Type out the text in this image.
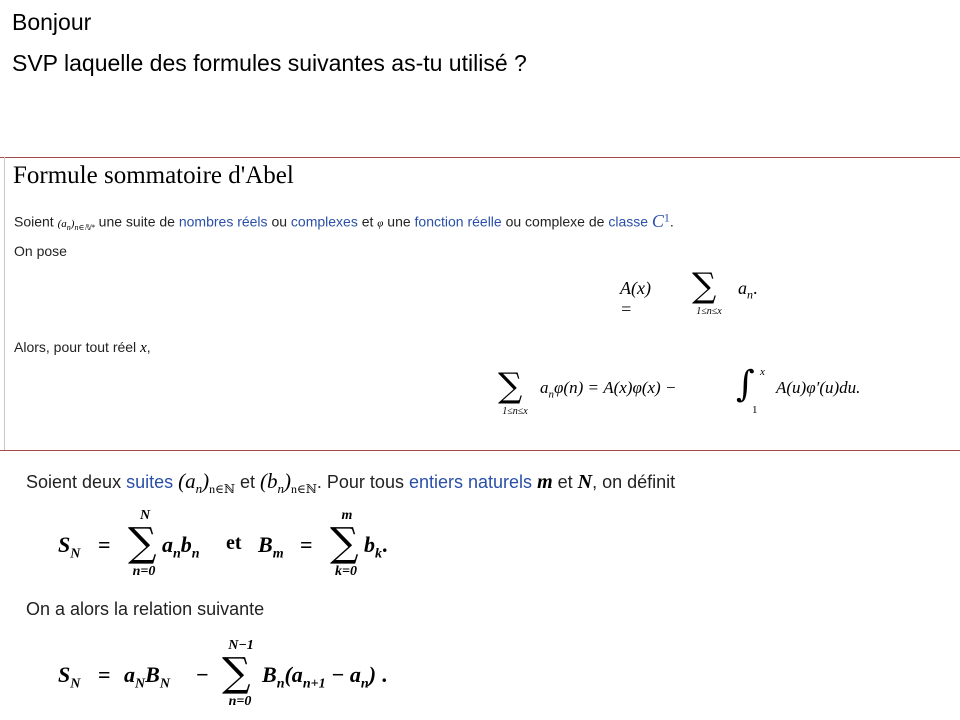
Bonjour
SVP laquelle des formules suivantes as-tu utilisé ?
Formule sommatoire d'Abel
Soient $(a_n)_{n\in ℕ*}$ une suite de nombres réels ou complexes et φ une fonction réelle ou complexe de classe $C^1$.
On pose
A(x) =
∑
1≤n≤x
$a_n$.
Alors, pour tout réel x,
∑
1≤n≤x
$a_n\varphi(n) = A(x)\varphi(x)$ − ∫ x
1
A(u)φ′(u)du.
Soient deux suites $(a_n)_{n\in ℕ}$ et $(b_n)_{n\in ℕ}$. Pour tous entiers naturels m et N, on définit
$S_N$ =
N
∑
n=0
$a_nb_n$ et $B_m$ =
m
∑
k=0
$b_k$.
On a alors la relation suivante
$S_N = a_NB_N$ −
N−1
∑
n=0
$B_n(a_{n+1} - a_n)$ .
